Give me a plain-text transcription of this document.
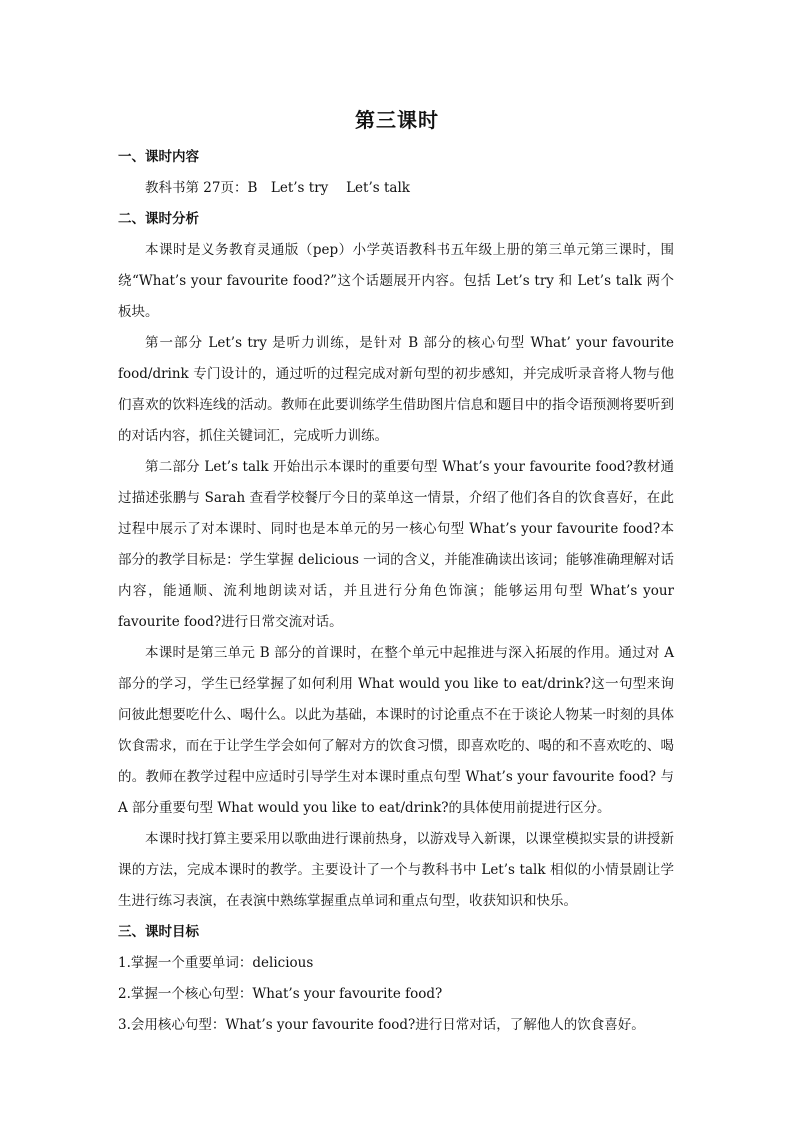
第三课时

一、课时内容

教科书第 27页：B　Let’s try　 Let’s talk

二、课时分析

本课时是义务教育灵通版（pep）小学英语教科书五年级上册的第三单元第三课时，围绕“What’s your favourite food?”这个话题展开内容。包括 Let’s try 和 Let’s talk 两个板块。

第一部分 Let’s try 是听力训练，是针对 B 部分的核心句型 What’ your favourite food/drink 专门设计的，通过听的过程完成对新句型的初步感知，并完成听录音将人物与他们喜欢的饮料连线的活动。教师在此要训练学生借助图片信息和题目中的指令语预测将要听到的对话内容，抓住关键词汇，完成听力训练。

第二部分 Let’s talk 开始出示本课时的重要句型 What’s your favourite food?教材通过描述张鹏与 Sarah 查看学校餐厅今日的菜单这一情景，介绍了他们各自的饮食喜好，在此过程中展示了对本课时、同时也是本单元的另一核心句型 What’s your favourite food?本部分的教学目标是：学生掌握 delicious 一词的含义，并能准确读出该词；能够准确理解对话内容，能通顺、流利地朗读对话，并且进行分角色饰演；能够运用句型 What’s your favourite food?进行日常交流对话。

本课时是第三单元 B 部分的首课时，在整个单元中起推进与深入拓展的作用。通过对 A 部分的学习，学生已经掌握了如何利用 What would you like to eat/drink?这一句型来询问彼此想要吃什么、喝什么。以此为基础，本课时的讨论重点不在于谈论人物某一时刻的具体饮食需求，而在于让学生学会如何了解对方的饮食习惯，即喜欢吃的、喝的和不喜欢吃的、喝的。教师在教学过程中应适时引导学生对本课时重点句型 What’s your favourite food? 与 A 部分重要句型 What would you like to eat/drink?的具体使用前提进行区分。

本课时找打算主要采用以歌曲进行课前热身，以游戏导入新课，以课堂模拟实景的讲授新课的方法，完成本课时的教学。主要设计了一个与教科书中 Let’s talk 相似的小情景剧让学生进行练习表演，在表演中熟练掌握重点单词和重点句型，收获知识和快乐。

三、课时目标

1.掌握一个重要单词：delicious

2.掌握一个核心句型：What’s your favourite food?

3.会用核心句型：What’s your favourite food?进行日常对话，了解他人的饮食喜好。
